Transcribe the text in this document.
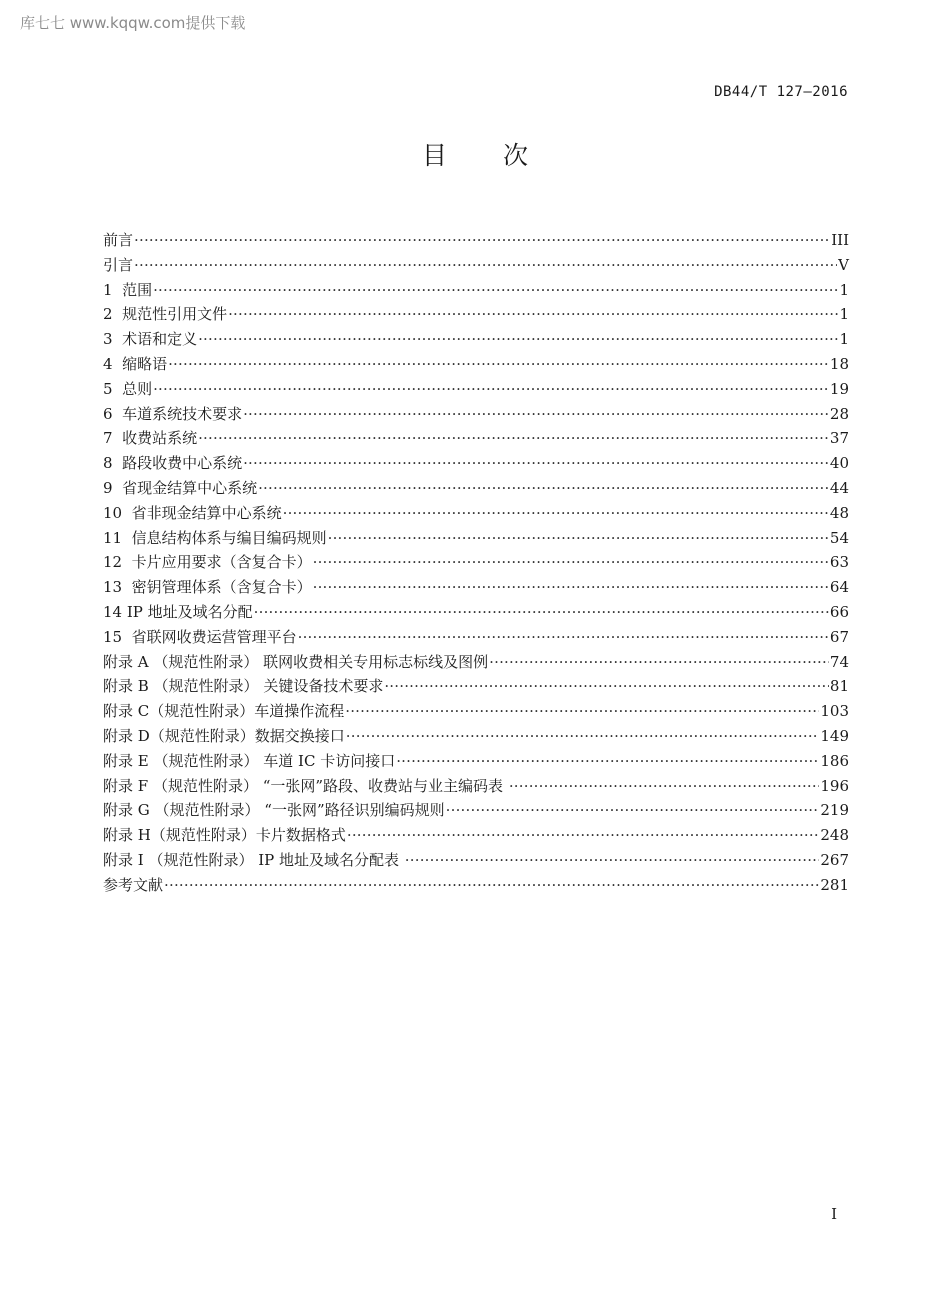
库七七 www.kqqw.com提供下载
DB44/T 127—2016
目 次
前言 ·····	III
引言 ·····	V
1  范围 ·····	1
2  规范性引用文件 ·····	1
3  术语和定义 ·····	1
4  缩略语 ·····	18
5  总则 ·····	19
6  车道系统技术要求 ·····	28
7  收费站系统 ·····	37
8  路段收费中心系统 ·····	40
9  省现金结算中心系统 ·····	44
10  省非现金结算中心系统 ·····	48
11  信息结构体系与编目编码规则 ·····	54
12  卡片应用要求（含复合卡） ·····	63
13  密钥管理体系（含复合卡） ·····	64
14 IP 地址及域名分配 ·····	66
15  省联网收费运营管理平台 ·····	67
附录 A （规范性附录） 联网收费相关专用标志标线及图例 ·····	74
附录 B （规范性附录） 关键设备技术要求 ·····	81
附录 C（规范性附录）车道操作流程 ·····	103
附录 D（规范性附录）数据交换接口 ·····	149
附录 E （规范性附录） 车道 IC 卡访问接口 ·····	186
附录 F （规范性附录） “一张网”路段、收费站与业主编码表 ·····	196
附录 G （规范性附录） “一张网”路径识别编码规则 ·····	219
附录 H（规范性附录）卡片数据格式 ·····	248
附录 I （规范性附录） IP 地址及域名分配表 ·····	267
参考文献 ·····	281
I
